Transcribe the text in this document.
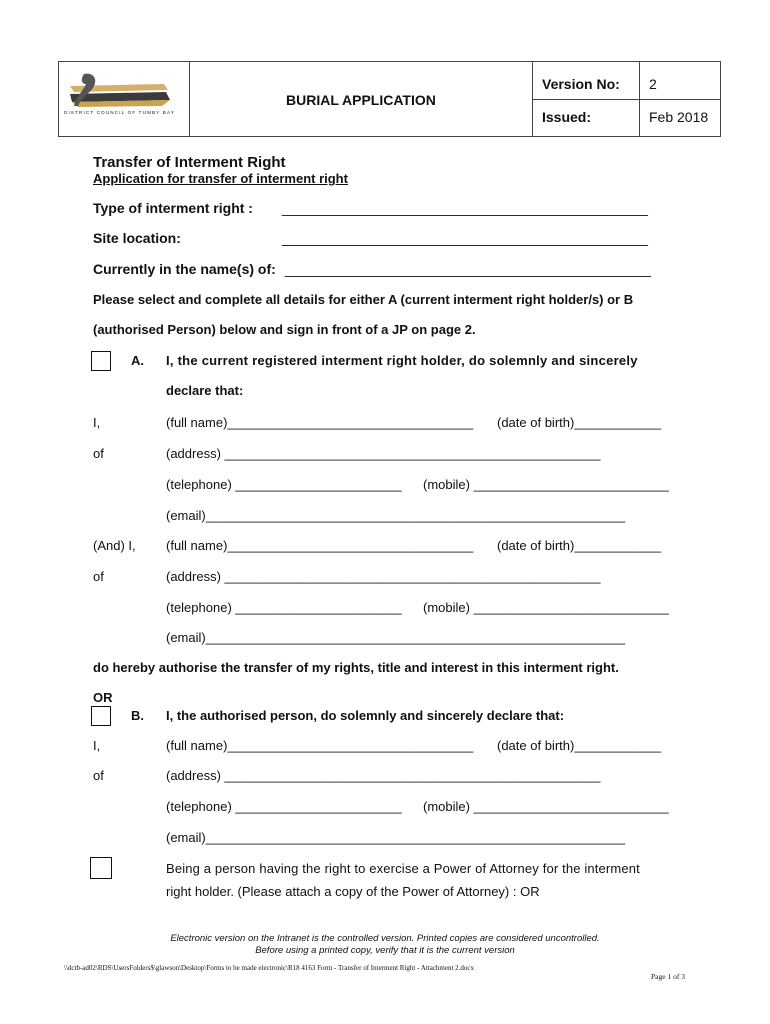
DISTRICT COUNCIL OF TUMBY BAY
BURIAL APPLICATION
Version No: 2
Issued:	Feb 2018
Transfer of Interment Right
Application for transfer of interment right
Type of interment right : _______________________________________________
Site location:	_______________________________________________
Currently in the name(s) of: _______________________________________________
Please select and complete all details for either A (current interment right holder/s) or B
(authorised Person) below and sign in front of a JP on page 2.
A. I, the current registered interment right holder, do solemnly and sincerely
declare that:
I,	(full name)__________________________________ (date of birth)____________
of	(address) ____________________________________________________
(telephone) _______________________ (mobile) ___________________________
(email)__________________________________________________________
(And) I, (full name)__________________________________ (date of birth)____________
of	(address) ____________________________________________________
(telephone) _______________________ (mobile) ___________________________
(email)__________________________________________________________
do hereby authorise the transfer of my rights, title and interest in this interment right.
OR
B. I, the authorised person, do solemnly and sincerely declare that:
I,	(full name)__________________________________ (date of birth)____________
of	(address) ____________________________________________________
(telephone) _______________________ (mobile) ___________________________
(email)__________________________________________________________
Being a person having the right to exercise a Power of Attorney for the interment
right holder. (Please attach a copy of the Power of Attorney) : OR
Electronic version on the Intranet is the controlled version. Printed copies are considered uncontrolled.
Before using a printed copy, verify that it is the current version
\\dctb-ad02\RDS\UsersFolders$\glawson\Desktop\Forms to be made electronic\R18 4163 Form - Transfer of Interment Right - Attachment 2.docx
Page 1 of 3
